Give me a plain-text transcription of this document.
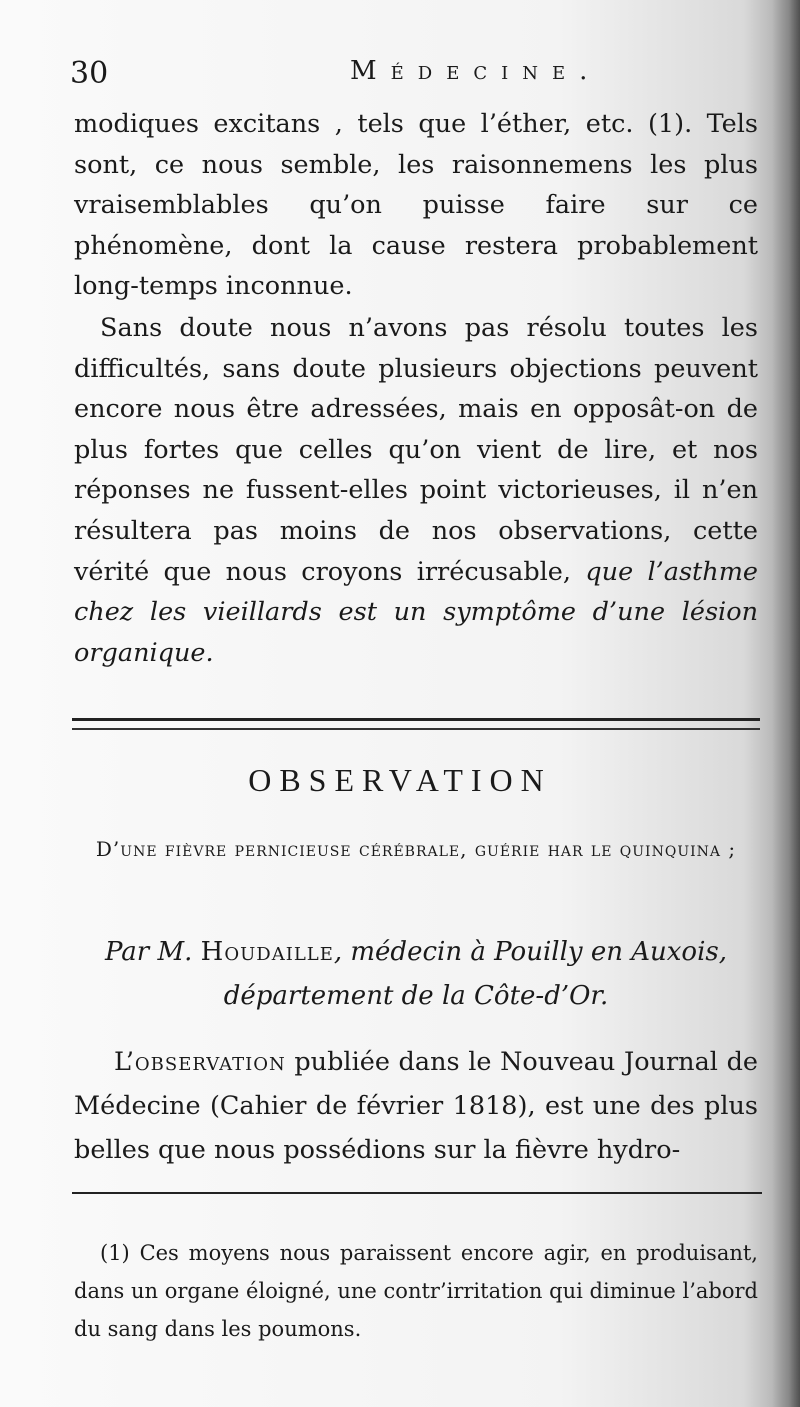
30	Médecine.

modiques excitans , tels que l’éther, etc. (1). Tels sont, ce nous semble, les raisonnemens les plus vraisemblables qu’on puisse faire sur ce phénomène, dont la cause restera probablement long-temps inconnue.

Sans doute nous n’avons pas résolu toutes les difficultés, sans doute plusieurs objections peuvent encore nous être adressées, mais en opposât-on de plus fortes que celles qu’on vient de lire, et nos réponses ne fussent-elles point victorieuses, il n’en résultera pas moins de nos observations, cette vérité que nous croyons irrécusable, que l’asthme chez les vieillards est un symptôme d’une lésion organique.

OBSERVATION
D’une fièvre pernicieuse cérébrale, guérie har le quinquina ;
Par M. Houdaille, médecin à Pouilly en Auxois, département de la Côte-d’Or.

L’observation publiée dans le Nouveau Journal de Médecine (Cahier de février 1818), est une des plus belles que nous possédions sur la fièvre hydro-

(1) Ces moyens nous paraissent encore agir, en produisant, dans un organe éloigné, une contr’irritation qui diminue l’abord du sang dans les poumons.
